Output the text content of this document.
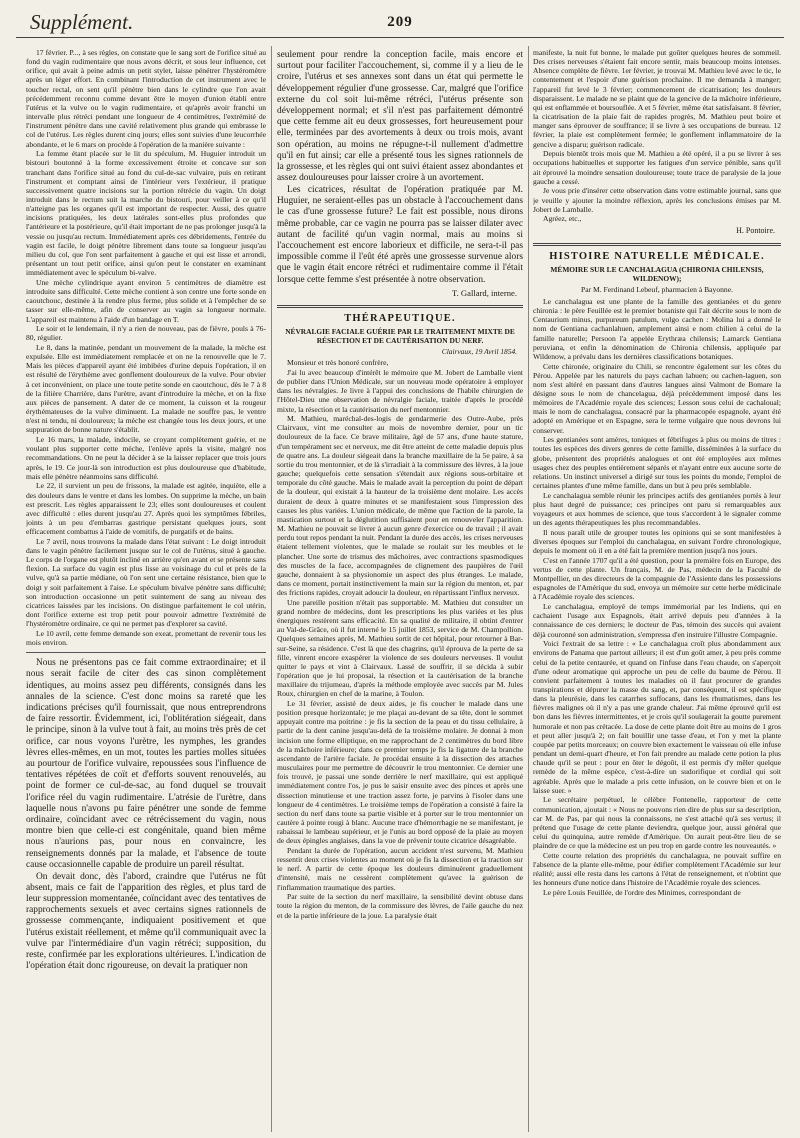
Supplément.	209

17 février. P..., à ses règles, on constate que le sang sort de l'orifice situé au fond du vagin rudimentaire que nous avons décrit, et sous leur influence, cet orifice, qui avait à peine admis un petit stylet, laisse pénétrer l'hystéromètre après un léger effort. En combinant l'introduction de cet instrument avec le toucher rectal, on sent qu'il pénètre bien dans le cylindre que l'on avait précédemment reconnu comme devant être le moyen d'union établi entre l'utérus et la vulve ou le vagin rudimentaire, et qu'après avoir franchi un intervalle plus rétréci pendant une longueur de 4 centimètres, l'extrémité de l'instrument pénètre dans une cavité relativement plus grande qui embrasse le col de l'utérus. Les règles durent cinq jours; elles sont suivies d'une leucorrhée abondante, et le 6 mars on procède à l'opération de la manière suivante :

La femme étant placée sur le lit du spéculum, M. Huguier introduit un bistouri boutonné à la forme excessivement étroite et concave sur son tranchant dans l'orifice situé au fond du cul-de-sac vulvaire, puis en retirant l'instrument et comptant ainsi de l'intérieur vers l'extérieur, il pratique successivement quatre incisions sur la portion rétrécie du vagin. Un doigt introduit dans le rectum suit la marche du bistouri, pour veiller à ce qu'il n'atteigne pas les organes qu'il est important de respecter. Aussi, des quatre incisions pratiquées, les deux latérales sont-elles plus profondes que l'antérieure et la postérieure, qu'il était important de ne pas prolonger jusqu'à la vessie ou jusqu'au rectum. Immédiatement après ces débridements, l'entrée du vagin est facile, le doigt pénètre librement dans toute sa longueur jusqu'au milieu du col, que l'on sent parfaitement à gauche et qui est lisse et arrondi, présentant un tout petit orifice, ainsi qu'on peut le constater en examinant immédiatement avec le spéculum bi-valve.

Une mèche cylindrique ayant environ 5 centimètres de diamètre est introduite sans difficulté. Cette mèche contient à son centre une forte sonde en caoutchouc, destinée à la rendre plus ferme, plus solide et à l'empêcher de se tasser sur elle-même, afin de conserver au vagin sa longueur normale. L'appareil est maintenu à l'aide d'un bandage en T.

Le soir et le lendemain, il n'y a rien de nouveau, pas de fièvre, pouls à 76-80, régulier.

Le 8, dans la matinée, pendant un mouvement de la malade, la mèche est expulsée. Elle est immédiatement remplacée et on ne la renouvelle que le 7. Mais les pièces d'appareil ayant été imbibées d'urine depuis l'opération, il en est résulté de l'érythème avec gonflement douloureux de la vulve. Pour obvier à cet inconvénient, on place une toute petite sonde en caoutchouc, dès le 7 à 8 de la filière Charrière, dans l'urètre, avant d'introduire la mèche, et on la fixe aux pièces de pansement. A dater de ce moment, la cuisson et la rougeur érythémateuses de la vulve diminuent. La malade ne souffre pas, le ventre n'est ni tendu, ni douloureux; la mèche est changée tous les deux jours, et une suppuration de bonne nature s'établit.

Le 16 mars, la malade, indocile, se croyant complètement guérie, et ne voulant plus supporter cette mèche, l'enlève après la visite, malgré nos recommandations. On ne peut la décider à se la laisser replacer que trois jours après, le 19. Ce jour-là son introduction est plus douloureuse que d'habitude, mais elle pénètre néanmoins sans difficulté.

Le 22, il survient un peu de frissons, la malade est agitée, inquiète, elle a des douleurs dans le ventre et dans les lombes. On supprime la mèche, un bain est prescrit. Les règles apparaissent le 23; elles sont douloureuses et coulent avec difficulté : elles durent jusqu'au 27. Après quoi les symptômes fébriles, joints à un peu d'embarras gastrique persistant quelques jours, sont efficacement combattus à l'aide de vomitifs, de purgatifs et de bains.

Le 7 avril, nous trouvons la malade dans l'état suivant : Le doigt introduit dans le vagin pénètre facilement jusque sur le col de l'utérus, situé à gauche. Le corps de l'organe est plutôt incliné en arrière qu'en avant et se présente sans flexion. La surface du vagin est plus lisse au voisinage du cul et près de la vulve, qu'à sa partie médiane, où l'on sent une certaine résistance, bien que le doigt y soit parfaitement à l'aise. Le spéculum bivalve pénètre sans difficulté; son introduction occasionne un petit suintement de sang au niveau des cicatrices laissées par les incisions. On distingue parfaitement le col utérin, dont l'orifice externe est trop petit pour pouvoir admettre l'extrémité de l'hystéromètre ordinaire, ce qui ne permet pas d'explorer sa cavité.

Le 10 avril, cette femme demande son exeat, promettant de revenir tous les mois environ.

Nous ne présentons pas ce fait comme extraordinaire; et il nous serait facile de citer des cas sinon complètement identiques, au moins assez peu différents, consignés dans les annales de la science. C'est donc moins sa rareté que les indications précises qu'il fournissait, que nous entreprendrons de faire ressortir. Évidemment, ici, l'oblitération siégeait, dans le principe, sinon à la vulve tout à fait, au moins très près de cet orifice, car nous voyons l'urètre, les nymphes, les grandes lèvres elles-mêmes, en un mot, toutes les parties molles situées au pourtour de l'orifice vulvaire, repoussées sous l'influence de tentatives répétées de coït et d'efforts souvent renouvelés, au point de former ce cul-de-sac, au fond duquel se trouvait l'orifice réel du vagin rudimentaire. L'atrésie de l'urètre, dans laquelle nous n'avons pu faire pénétrer une sonde de femme ordinaire, coïncidant avec ce rétrécissement du vagin, nous montre bien que celle-ci est congénitale, quand bien même nous n'aurions pas, pour nous en convaincre, les renseignements donnés par la malade, et l'absence de toute cause occasionnelle capable de produire un pareil résultat.

On devait donc, dès l'abord, craindre que l'utérus ne fût absent, mais ce fait de l'apparition des règles, et plus tard de leur suppression momentanée, coïncidant avec des tentatives de rapprochements sexuels et avec certains signes rationnels de grossesse commençante, indiquaient positivement et que l'utérus existait réellement, et même qu'il communiquait avec la vulve par l'intermédiaire d'un vagin rétréci; supposition, du reste, confirmée par les explorations ultérieures. L'indication de l'opération était donc rigoureuse, on devait la pratiquer non

seulement pour rendre la conception facile, mais encore et surtout pour faciliter l'accouchement, si, comme il y a lieu de le croire, l'utérus et ses annexes sont dans un état qui permette le développement régulier d'une grossesse. Car, malgré que l'orifice externe du col soit lui-même rétréci, l'utérus présente son développement normal; et s'il n'est pas parfaitement démontré que cette femme ait eu deux grossesses, fort heureusement pour elle, terminées par des avortements à deux ou trois mois, avant son opération, au moins ne répugne-t-il nullement d'admettre qu'il en fut ainsi; car elle a présenté tous les signes rationnels de la grossesse, et les règles qui ont suivi étaient assez abondantes et assez douloureuses pour laisser croire à un avortement.

Les cicatrices, résultat de l'opération pratiquée par M. Huguier, ne seraient-elles pas un obstacle à l'accouchement dans le cas d'une grossesse future? Le fait est possible, nous dirons même probable, car ce vagin ne pourra pas se laisser dilater avec autant de facilité qu'un vagin normal, mais au moins si l'accouchement est encore laborieux et difficile, ne sera-t-il pas impossible comme il l'eût été après une grossesse survenue alors que le vagin était encore rétréci et rudimentaire comme il l'était lorsque cette femme s'est présentée à notre observation.

T. Gallard, interne.
THÉRAPEUTIQUE.
NÉVRALGIE FACIALE GUÉRIE PAR LE TRAITEMENT MIXTE DE RÉSECTION ET DE CAUTÉRISATION DU NERF.
Clairvaux, 19 Avril 1854.

Monsieur et très honoré confrère,

J'ai lu avec beaucoup d'intérêt le mémoire que M. Jobert de Lamballe vient de publier dans l'Union Médicale, sur un nouveau mode opératoire à employer dans les névralgies. Je livre à l'appui des conclusions de l'habile chirurgien de l'Hôtel-Dieu une observation de névralgie faciale, traitée d'après le procédé mixte, la résection et la cautérisation du nerf mentonnier.

M. Mathieu, maréchal-des-logis de gendarmerie des Outre-Aube, près Clairvaux, vint me consulter au mois de novembre dernier, pour un tic douloureux de la face. Ce brave militaire, âgé de 57 ans, d'une haute stature, d'un tempérament sec et nerveux, me dit être atteint de cette maladie depuis plus de quatre ans. La douleur siégeait dans la branche maxillaire de la 5e paire, à sa sortie du trou mentonnier, et de là s'irradiait à la commissure des lèvres, à la joue gauche; quelquefois cette sensation s'étendait aux régions sous-orbitaire et temporale du côté gauche. Mais le malade avait la perception du point de départ de la douleur, qui existait à la hauteur de la troisième dent molaire. Les accès duraient de deux à quatre minutes et se manifestaient sous l'impression des causes les plus variées. L'union médicale, de même que l'action de la parole, la mastication surtout et la déglutition suffisaient pour en renouveler l'apparition. M. Mathieu ne pouvait se livrer à aucun genre d'exercice ou de travail ; il avait perdu tout repos pendant la nuit. Pendant la durée des accès, les crises nerveuses étaient tellement violentes, que le malade se roulait sur les meubles et le plancher. Une sorte de trismus des mâchoires, avec contractions spasmodiques des muscles de la face, accompagnées de clignement des paupières de l'œil gauche, donnaient à sa physionomie un aspect des plus étranges. Le malade, dans ce moment, portait instinctivement la main sur la région du menton, et, par des frictions rapides, croyait adoucir la douleur, en répartissant l'influx nerveux.

Une pareille position n'était pas supportable. M. Mathieu dut consulter un grand nombre de médecins, dont les prescriptions les plus variées et les plus énergiques restèrent sans efficacité. En sa qualité de militaire, il obtint d'entrer au Val-de-Grâce, où il fut interné le 15 juillet 1853, service de M. Champollion. Quelques semaines après, M. Mathieu sortit de cet hôpital, pour retourner à Bar-sur-Seine, sa résidence. C'est là que des chagrins, qu'il éprouva de la perte de sa fille, vinrent encore exaspérer la violence de ses douleurs nerveuses. Il voulut quitter le pays et vint à Clairvaux. Lassé de souffrir, il se décida à subir l'opération que je lui proposai, la résection et la cautérisation de la branche maxillaire du trijumeau, d'après la méthode employée avec succès par M. Jules Roux, chirurgien en chef de la marine, à Toulon.

Le 31 février, assisté de deux aides, je fis coucher le malade dans une position presque horizontale; je me plaçai au-devant de sa tête, dont le sommet appuyait contre ma poitrine : je fis la section de la peau et du tissu cellulaire, à partir de la dent canine jusqu'au-delà de la troisième molaire. Je donnai à mon incision une forme elliptique, en me rapprochant de 2 centimètres du bord libre de la mâchoire inférieure; dans ce premier temps je fis la ligature de la branche ascendante de l'artère faciale. Je procédai ensuite à la dissection des attaches musculaires pour me permettre de découvrir le trou mentonnier. Ce dernier une fois trouvé, je passai une sonde derrière le nerf maxillaire, qui est appliqué immédiatement contre l'os, je pus le saisir ensuite avec des pinces et après une dissection minutieuse et une traction assez forte, je parvins à l'isoler dans une longueur de 4 centimètres. Le troisième temps de l'opération a consisté à faire la section du nerf dans toute sa partie visible et à porter sur le trou mentonnier un cautère à pointe rougi à blanc. Aucune trace d'hémorrhagie ne se manifestant, je rabaissai le lambeau supérieur, et je l'unis au bord opposé de la plaie au moyen de deux épingles anglaises, dans la vue de prévenir toute cicatrice désagréable.

Pendant la durée de l'opération, aucun accident n'est survenu, M. Mathieu ressentit deux crises violentes au moment où je fis la dissection et la traction sur le nerf. A partir de cette époque les douleurs diminuèrent graduellement d'intensité, mais ne cessèrent complètement qu'avec la guérison de l'inflammation traumatique des parties.

Par suite de la section du nerf maxillaire, la sensibilité devint obtuse dans toute la région du menton, de la commissure des lèvres, de l'aile gauche du nez et de la partie inférieure de la joue. La paralysie était

manifeste, la nuit fut bonne, le malade put goûter quelques heures de sommeil. Des crises nerveuses s'étaient fait encore sentir, mais beaucoup moins intenses. Absence complète de fièvre. 1er février, je trouvai M. Mathieu levé avec le tic, le contentement et l'espoir d'une guérison prochaine. Il me demanda à manger; l'appareil fut levé le 3 février; commencement de cicatrisation; les douleurs disparaissent. Le malade ne se plaint que de la gencive de la mâchoire inférieure, qui est enflammée et boursouflée. A et 5 février, même état satisfaisant. 8 février, la cicatrisation de la plaie fait de rapides progrès, M. Mathieu peut boire et manger sans éprouver de souffrance; il se livre à ses occupations de bureau. 12 février, la plaie est complètement fermée; le gonflement inflammatoire de la gencive a disparu; guérison radicale.

Depuis bientôt trois mois que M. Mathieu a été opéré, il a pu se livrer à ses occupations habituelles et supporter les fatigues d'un service pénible, sans qu'il ait éprouvé la moindre sensation douloureuse; toute trace de paralysie de la joue gauche a cessé.

Je vous prie d'insérer cette observation dans votre estimable journal, sans que je veuille y ajouter la moindre réflexion, après les conclusions émises par M. Jobert de Lamballe.

Agréez, etc.,

H. Pontoire.
HISTOIRE NATURELLE MÉDICALE.
MÉMOIRE SUR LE CANCHALAGUA (CHIRONIA CHILENSIS, WILDENOW);
Par M. Ferdinand Lebeuf, pharmacien à Bayonne.

Le canchalagua est une plante de la famille des gentianées et du genre chironia : le père Feuillée est le premier botaniste qui l'ait décrite sous le nom de Centaurium minus, purpureum patulum, vulgo cachen : Molina lui a donné le nom de Gentiana cachanlahuen, amplement ainsi e nom chilien à celui de la famille naturelle; Persoon l'a appelée Erythræa chilensis; Lamarck Gentiana peruviana, et enfin la dénomination de Chironia chilensis, appliquée par Wildenow, a prévalu dans les dernières classifications botaniques.

Cette chironée, originaire du Chili, se rencontre également sur les côtes du Pérou. Appelée par les naturels du pays cachan lahuen; ou cachen-laguen, son nom s'est altéré en passant dans d'autres langues ainsi Valmont de Bomare la désigne sous le nom de chancelagua, déjà précédemment imposé dans les mémoires de l'Académie royale des sciences; Lesson sous celui de cachaloual; mais le nom de canchalagua, consacré par la pharmacopée espagnole, ayant été adopté en Amérique et en Espagne, sera le terme vulgaire que nous devrons lui conserver.

Les gentianées sont amères, toniques et fébrifuges à plus ou moins de titres : toutes les espèces des divers genres de cette famille, disséminées à la surface du globe, présentent des propriétés analogues et ont été employées aux mêmes usages chez des peuples entièrement séparés et n'ayant entre eux aucune sorte de relations. Un instinct universel a dirigé sur tous les points du monde, l'emploi de certaines plantes d'une même famille, dans un but à peu près semblable.

Le canchalagua semble réunir les principes actifs des gentianées portés à leur plus haut degré de puissance; ces principes ont paru si remarquables aux voyageurs et aux hommes de science, que tous s'accordent à le signaler comme un des agents thérapeutiques les plus recommandables.

Il nous paraît utile de grouper toutes les opinions qui se sont manifestées à diverses époques sur l'emploi du canchalagua, en suivant l'ordre chronologique, depuis le moment où il en a été fait la première mention jusqu'à nos jours.

C'est en l'année 1707 qu'il a été question, pour la première fois en Europe, des vertus de cette plante. Un français, M. de Pas, médecin de la Faculté de Montpellier, un des directeurs de la compagnie de l'Assiente dans les possessions espagnoles de l'Amérique du sud, envoya un mémoire sur cette herbe médicinale à l'Académie royale des sciences.

Le canchalagua, employé de temps immémorial par les Indiens, qui en cachaient l'usage aux Espagnols, était arrivé depuis peu d'années à la connaissance de ces derniers; le docteur de Pas, témoin des succès qui avaient déjà couronné son administration, s'empressa d'en instruire l'illustre Compagnie.

Voici l'extrait de sa lettre : « Le canchalagua croît plus abondamment aux environs de Panama que partout ailleurs; il est d'un goût amer, à peu près comme celui de la petite centaurée, et quand on l'infuse dans l'eau chaude, on s'aperçoit d'une odeur aromatique qui approche un peu de celle du baume de Pérou. Il convient parfaitement à toutes les maladies où il faut procurer de grandes transpirations et dépurer la masse du sang, et, par conséquent, il est spécifique dans la pleurésie, dans les catarrhes suffocans, dans les rhumatismes, dans les fièvres malignes où il n'y a pas une grande chaleur. J'ai même éprouvé qu'il est bon dans les fièvres intermittentes, et je crois qu'il soulagerait la goutte purement humorale et non pas crétacée. La dose de cette plante doit être au moins de 1 gros et peut aller jusqu'à 2; on fait bouillir une tasse d'eau, et l'on y met la plante coupée par petits morceaux; on couvre bien exactement le vaisseau où elle infuse pendant un demi-quart d'heure, et l'on fait prendre au malade cette potion la plus chaude qu'il se peut : pour en ôter le dégoût, il est permis d'y mêler quelque remède de la même espèce, c'est-à-dire un sudorifique et cordial qui soit agréable. Après que le malade a pris cette infusion, on le couvre bien et on le laisse suer. »

Le secrétaire perpétuel, le célèbre Fontenelle, rapporteur de cette communication, ajoutait : « Nous ne pouvons rien dire de plus sur sa description, car M. de Pas, par qui nous la connaissons, ne s'est attaché qu'à ses vertus; il prétend que l'usage de cette plante deviendra, quelque jour, aussi général que celui du quinquina, autre remède d'Amérique. On aurait peut-être lieu de se plaindre de ce que la médecine est un peu trop en garde contre les nouveautés. »

Cette courte relation des propriétés du canchalagua, ne pouvait suffire en l'absence de la plante elle-même, pour édifier complètement l'Académie sur leur réalité; aussi elle resta dans les cartons à l'état de renseignement, et n'obtint que les honneurs d'une notice dans l'histoire de l'Académie royale des sciences.

Le père Louis Feuillée, de l'ordre des Minimes, correspondant de
